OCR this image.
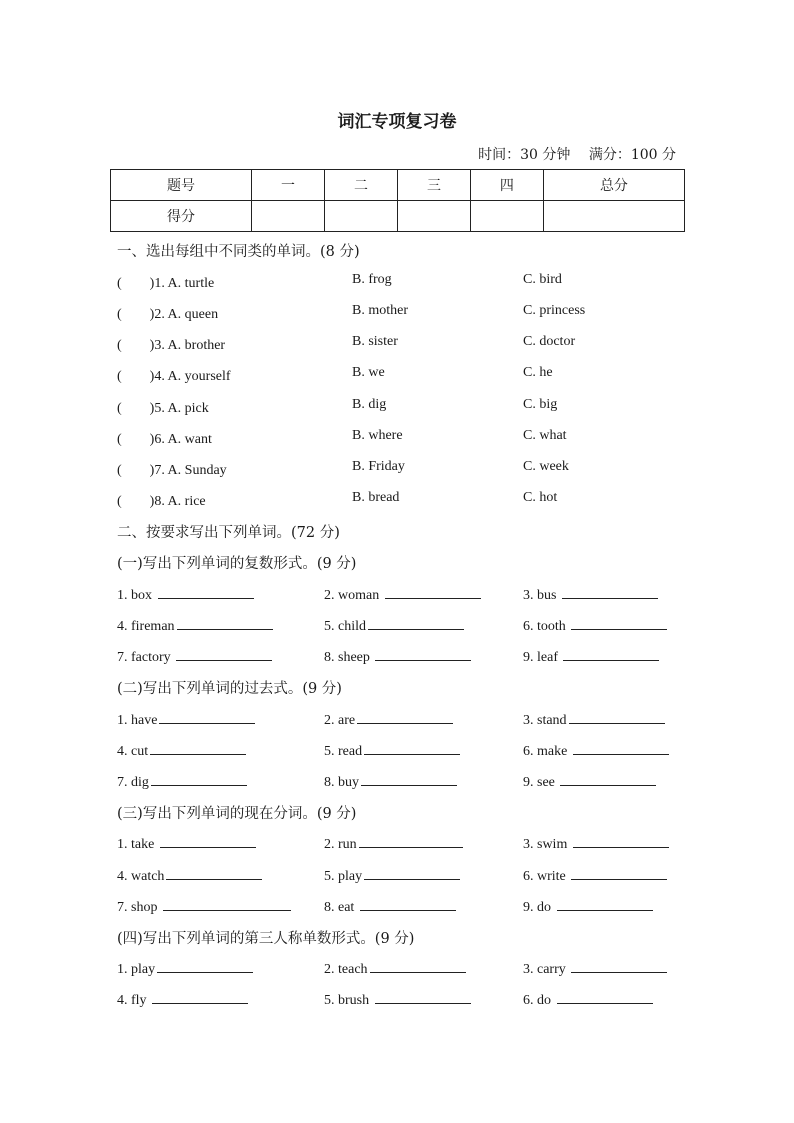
词汇专项复习卷
时间：30 分钟 满分：100 分
题号	一	二	三	四	总分
得分					
一、选出每组中不同类的单词。(8 分)
(　　)1. A. turtle	B. frog	C. bird
(　　)2. A. queen	B. mother	C. princess
(　　)3. A. brother	B. sister	C. doctor
(　　)4. A. yourself	B. we	C. he
(　　)5. A. pick	B. dig	C. big
(　　)6. A. want	B. where	C. what
(　　)7. A. Sunday	B. Friday	C. week
(　　)8. A. rice	B. bread	C. hot
二、按要求写出下列单词。(72 分)
(一)写出下列单词的复数形式。(9 分)
1. box	2. woman	3. bus
4. fireman	5. child	6. tooth
7. factory	8. sheep	9. leaf
(二)写出下列单词的过去式。(9 分)
1. have	2. are	3. stand
4. cut	5. read	6. make
7. dig	8. buy	9. see
(三)写出下列单词的现在分词。(9 分)
1. take	2. run	3. swim
4. watch	5. play	6. write
7. shop	8. eat	9. do
(四)写出下列单词的第三人称单数形式。(9 分)
1. play	2. teach	3. carry
4. fly	5. brush	6. do
